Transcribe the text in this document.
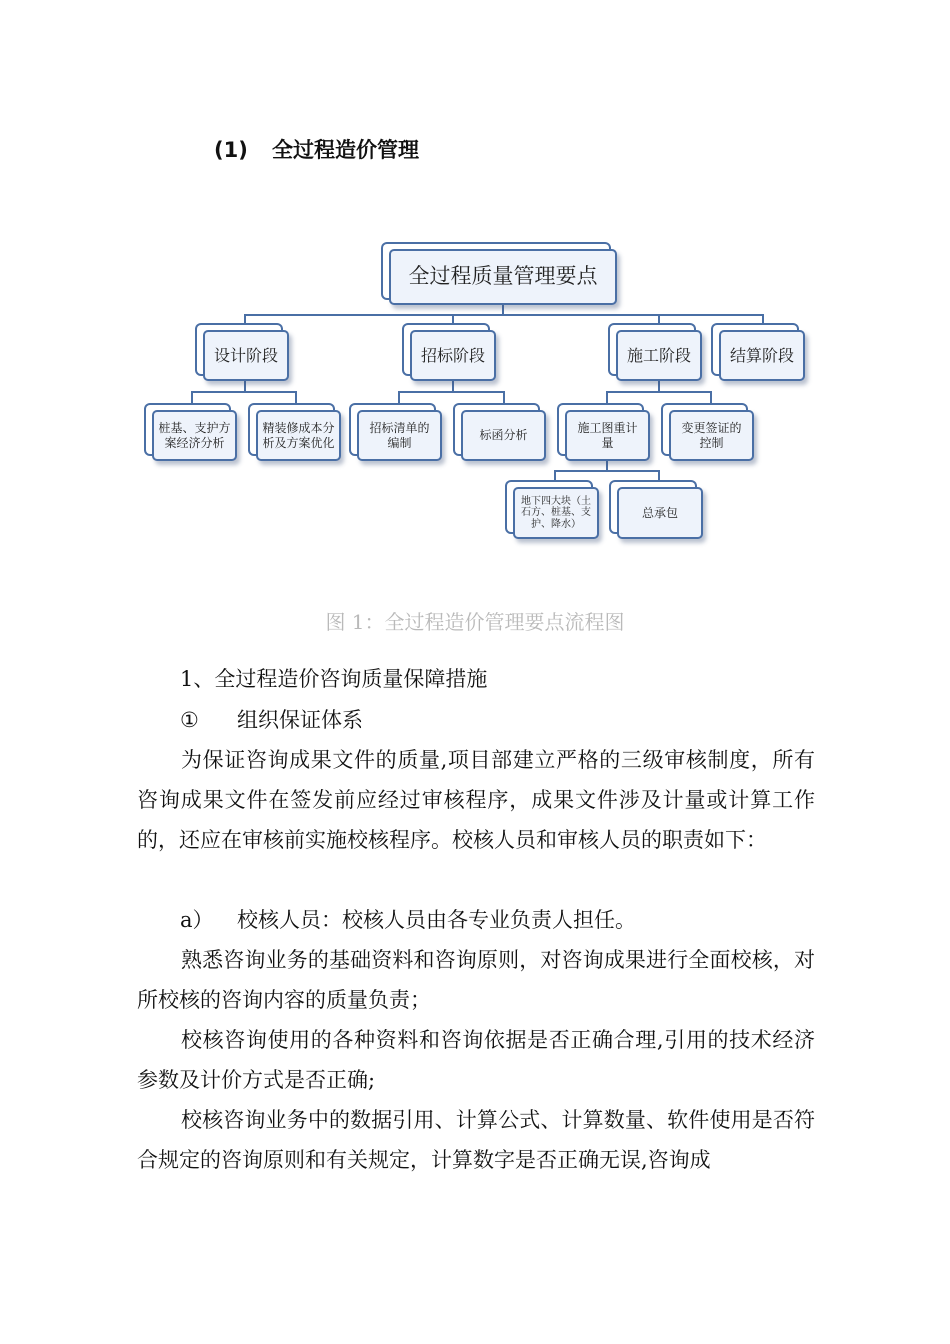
(1) 全过程造价管理
全过程质量管理要点
设计阶段	招标阶段	施工阶段	结算阶段
桩基、支护方案经济分析
精装修成本分析及方案优化
招标清单的编制
标函分析
施工图重计量
变更签证的控制
地下四大块（土石方、桩基、支护、降水）
总承包
图 1：全过程造价管理要点流程图
1、全过程造价咨询质量保障措施
① 组织保证体系
为保证咨询成果文件的质量,项目部建立严格的三级审核制度，所有咨询成果文件在签发前应经过审核程序，成果文件涉及计量或计算工作的，还应在审核前实施校核程序。校核人员和审核人员的职责如下：
a） 校核人员：校核人员由各专业负责人担任。
熟悉咨询业务的基础资料和咨询原则，对咨询成果进行全面校核，对所校核的咨询内容的质量负责；
校核咨询使用的各种资料和咨询依据是否正确合理,引用的技术经济参数及计价方式是否正确;
校核咨询业务中的数据引用、计算公式、计算数量、软件使用是否符合规定的咨询原则和有关规定，计算数字是否正确无误,咨询成
